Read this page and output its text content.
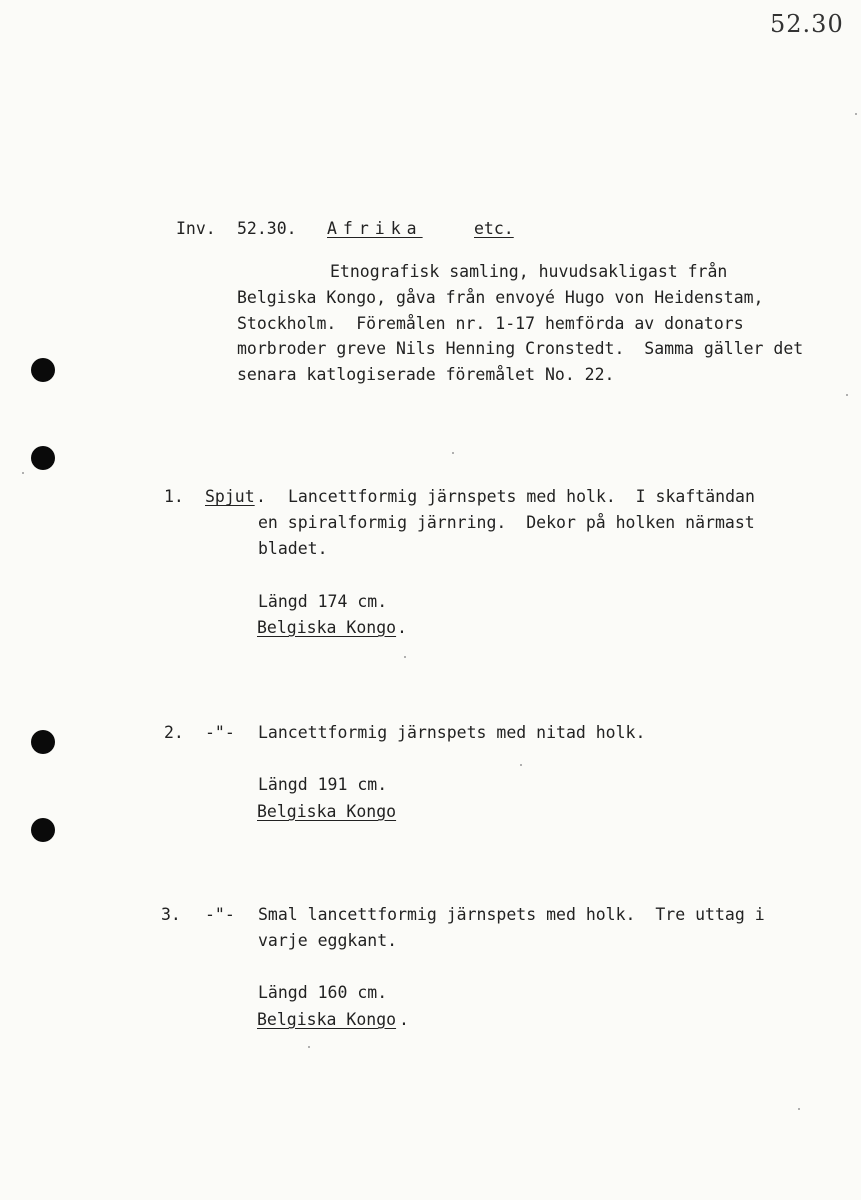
52.30
Inv. 52.30. Afrika	etc.
Etnografisk samling, huvudsakligast från
Belgiska Kongo, gåva från envoyé Hugo von Heidenstam,
Stockholm.  Föremålen nr. 1-17 hemförda av donators
morbroder greve Nils Henning Cronstedt.  Samma gäller det
senara katlogiserade föremålet No. 22.
1. Spjut . Lancettformig järnspets med holk.  I skaftändan
en spiralformig järnring.  Dekor på holken närmast
bladet.
Längd 174 cm.
Belgiska Kongo .
2. -"- Lancettformig järnspets med nitad holk.
Längd 191 cm.
Belgiska Kongo
3. -"- Smal lancettformig järnspets med holk.  Tre uttag i
varje eggkant.
Längd 160 cm.
Belgiska Kongo .
